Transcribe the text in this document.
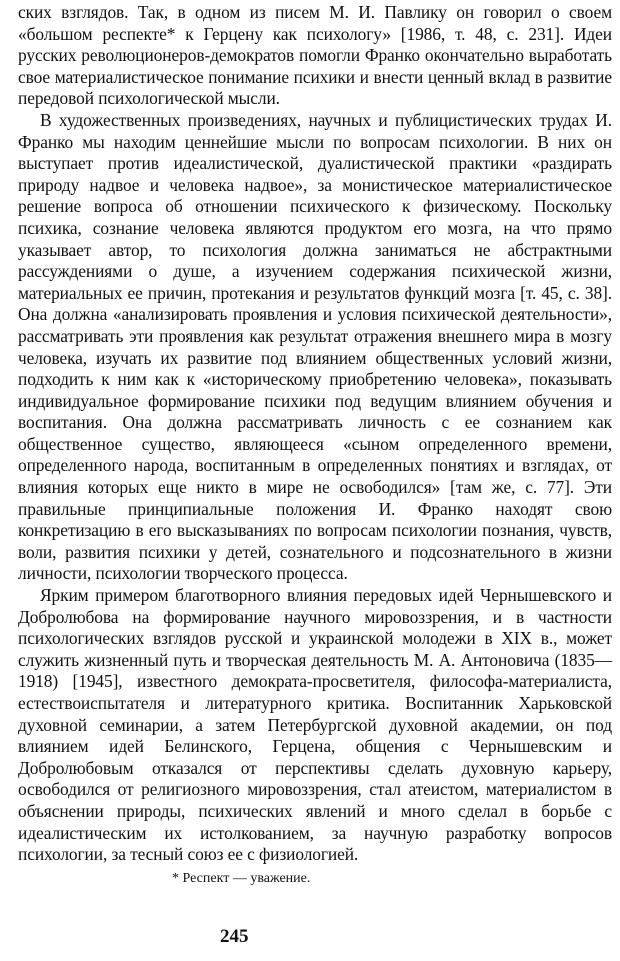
ских взглядов. Так, в одном из писем М. И. Павлику он говорил о своем «большом респекте* к Герцену как психологу» [1986, т. 48, с. 231]. Идеи русских революционеров-демократов помогли Франко окончательно выработать свое материалистическое понимание психики и внести ценный вклад в развитие передовой психологической мысли.

В художественных произведениях, научных и публицистических трудах И. Франко мы находим ценнейшие мысли по вопросам психологии. В них он выступает против идеалистической, дуалистической практики «раздирать природу надвое и человека надвое», за монистическое материалистическое решение вопроса об отношении психического к физическому. Поскольку психика, сознание человека являются продуктом его мозга, на что прямо указывает автор, то психология должна заниматься не абстрактными рассуждениями о душе, а изучением содержания психической жизни, материальных ее причин, протекания и результатов функций мозга [т. 45, с. 38]. Она должна «анализировать проявления и условия психической деятельности», рассматривать эти проявления как результат отражения внешнего мира в мозгу человека, изучать их развитие под влиянием общественных условий жизни, подходить к ним как к «историческому приобретению человека», показывать индивидуальное формирование психики под ведущим влиянием обучения и воспитания. Она должна рассматривать личность с ее сознанием как общественное существо, являющееся «сыном определенного времени, определенного народа, воспитанным в определенных понятиях и взглядах, от влияния которых еще никто в мире не освободился» [там же, с. 77]. Эти правильные принципиальные положения И. Франко находят свою конкретизацию в его высказываниях по вопросам психологии познания, чувств, воли, развития психики у детей, сознательного и подсознательного в жизни личности, психологии творческого процесса.

Ярким примером благотворного влияния передовых идей Чернышевского и Добролюбова на формирование научного мировоззрения, и в частности психологических взглядов русской и украинской молодежи в XIX в., может служить жизненный путь и творческая деятельность М. А. Антоновича (1835—1918) [1945], известного демократа-просветителя, философа-материалиста, естествоиспытателя и литературного критика. Воспитанник Харьковской духовной семинарии, а затем Петербургской духовной академии, он под влиянием идей Белинского, Герцена, общения с Чернышевским и Добролюбовым отказался от перспективы сделать духовную карьеру, освободился от религиозного мировоззрения, стал атеистом, материалистом в объяснении природы, психических явлений и много сделал в борьбе с идеалистическим их истолкованием, за научную разработку вопросов психологии, за тесный союз ее с физиологией.

* Респект — уважение.
245
